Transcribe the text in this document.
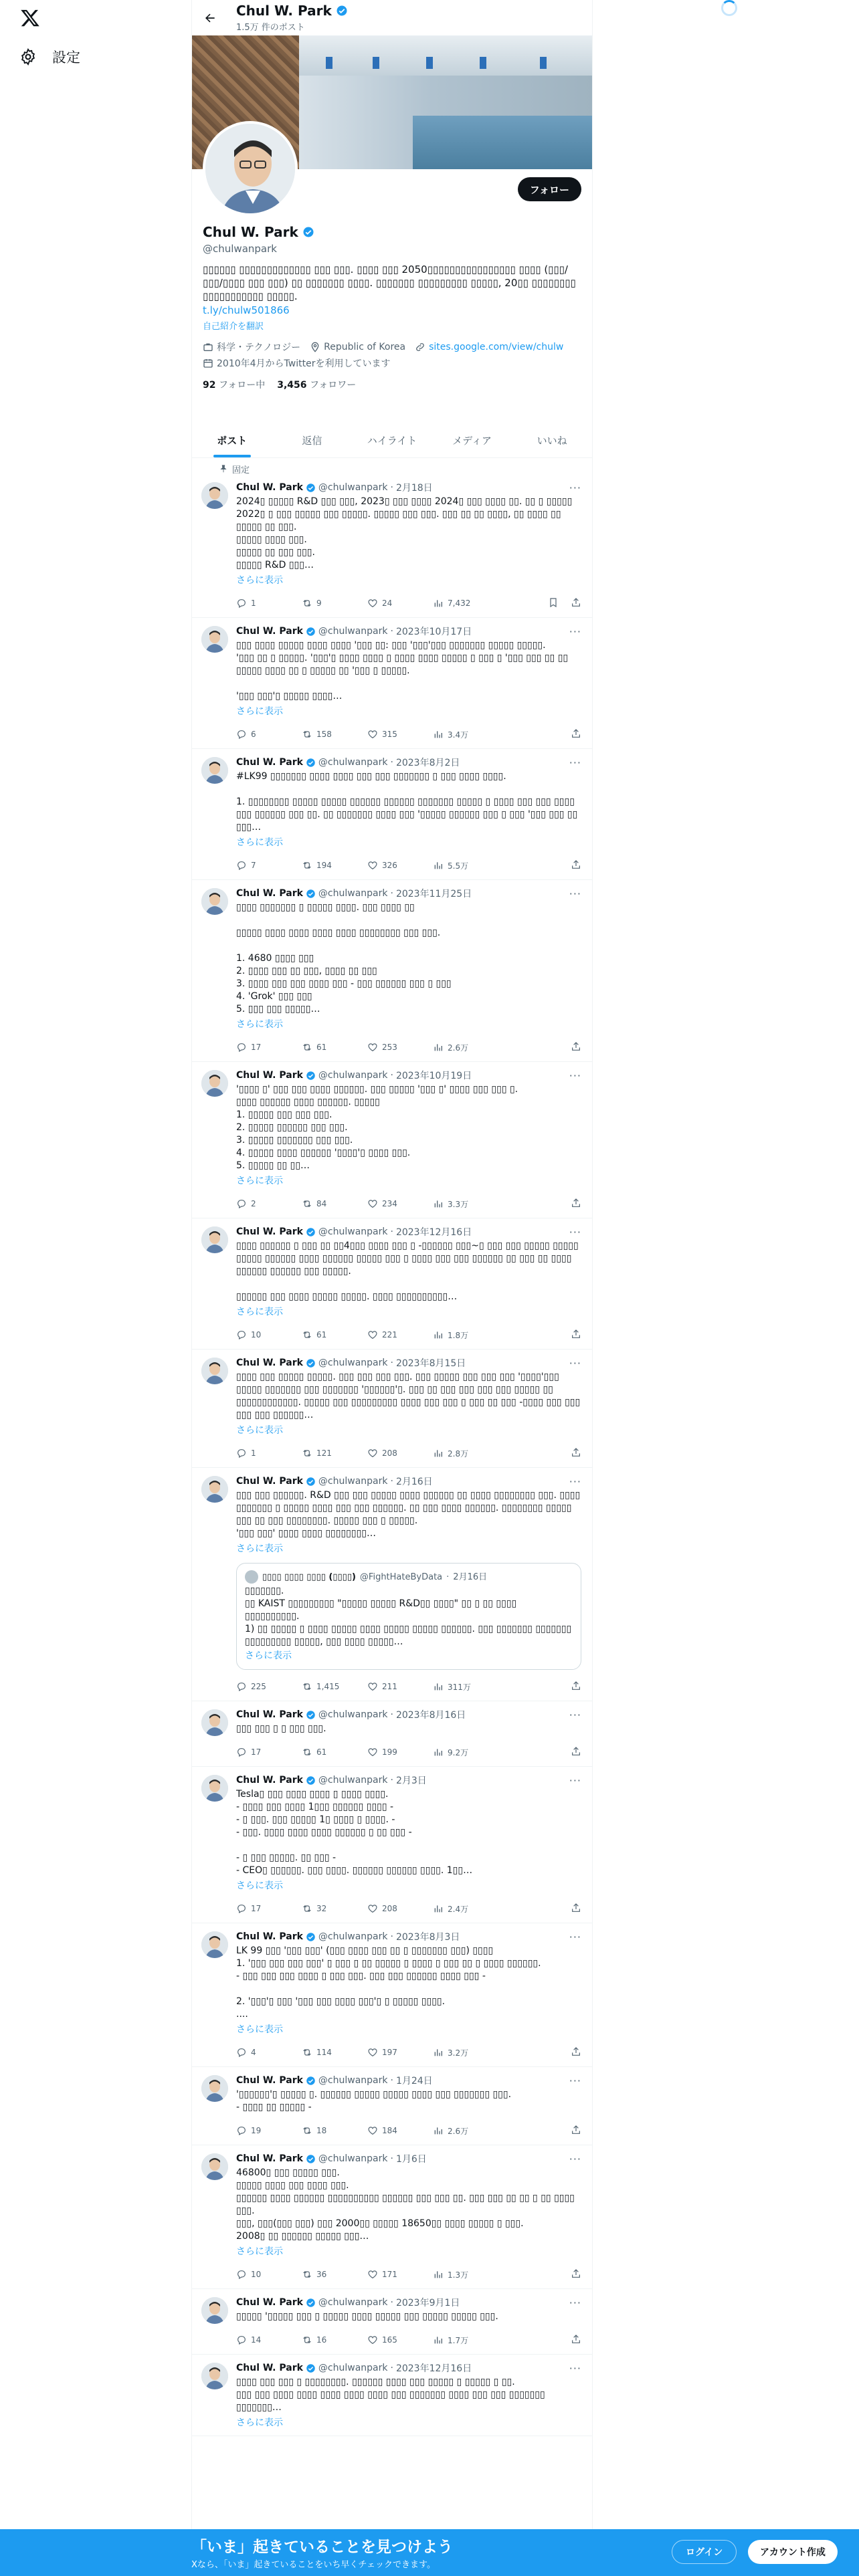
設定
Chul W. Park
1.5万 件のポスト
フォロー
Chul W. Park
@chulwanpark
▯▯▯▯▯▯ ▯▯▯▯▯▯▯▯▯▯▯▯▯ ▯▯▯ ▯▯▯. ▯▯▯▯ ▯▯▯ 2050▯▯▯▯▯▯▯▯▯▯▯▯▯▯▯▯ ▯▯▯▯ (▯▯▯/▯▯▯/▯▯▯▯ ▯▯▯ ▯▯▯) ▯▯ ▯▯▯▯▯▯▯ ▯▯▯▯. ▯▯▯▯▯▯▯ ▯▯▯▯▯▯▯▯▯ ▯▯▯▯▯, 20▯▯ ▯▯▯▯▯▯▯▯ ▯▯▯▯▯▯▯▯▯▯▯ ▯▯▯▯▯.
t.ly/chulw501866
自己紹介を翻訳
科学・テクノロジー	Republic of Korea	sites.google.com/view/chulw
2010年4月からTwitterを利用しています
92 フォロー中 3,456 フォロワー
ポスト	返信	ハイライト	メディア	いいね
固定
Chul W. Park @chulwanpark · 2月18日	···
2024▯ ▯▯▯▯▯ R&D ▯▯▯ ▯▯▯, 2023▯ ▯▯▯ ▯▯▯▯ 2024▯ ▯▯▯ ▯▯▯▯ ▯▯. ▯▯ ▯ ▯▯▯▯▯ 2022▯ ▯ ▯▯▯ ▯▯▯▯▯ ▯▯▯ ▯▯▯▯▯. ▯▯▯▯▯ ▯▯▯ ▯▯▯. ▯▯▯ ▯▯ ▯▯ ▯▯▯▯, ▯▯ ▯▯▯▯ ▯▯ ▯▯▯▯▯ ▯▯ ▯▯▯.
▯▯▯▯▯ ▯▯▯▯ ▯▯▯.
▯▯▯▯▯ ▯▯ ▯▯▯ ▯▯▯.
▯▯▯▯▯ R&D ▯▯▯…
さらに表示
1	9	24	7,432
Chul W. Park @chulwanpark · 2023年10月17日	···
▯▯▯ ▯▯▯▯ ▯▯▯▯▯ ▯▯▯▯ ▯▯▯▯ '▯▯▯ ▯▯: ▯▯▯ '▯▯▯'▯▯▯ ▯▯▯▯▯▯▯ ▯▯▯▯▯ ▯▯▯▯▯.
'▯▯▯ ▯▯ ▯ ▯▯▯▯▯. '▯▯▯'▯ ▯▯▯▯ ▯▯▯▯ ▯ ▯▯▯▯ ▯▯▯▯ ▯▯▯▯▯ ▯ ▯▯▯ ▯ '▯▯▯ ▯▯▯ ▯▯ ▯▯ ▯▯▯▯▯ ▯▯▯▯ ▯▯ ▯ ▯▯▯▯▯ ▯▯ '▯▯▯ ▯ ▯▯▯▯▯.

'▯▯▯ ▯▯▯'▯ ▯▯▯▯▯ ▯▯▯▯…
さらに表示
6	158	315	3.4万
Chul W. Park @chulwanpark · 2023年8月2日	···
#LK99 ▯▯▯▯▯▯▯ ▯▯▯▯ ▯▯▯▯ ▯▯▯ ▯▯▯ ▯▯▯▯▯▯▯ ▯ ▯▯▯ ▯▯▯▯ ▯▯▯▯.

1. ▯▯▯▯▯▯▯▯ ▯▯▯▯▯ ▯▯▯▯▯ ▯▯▯▯▯▯ ▯▯▯▯▯▯ ▯▯▯▯▯▯▯ ▯▯▯▯▯ ▯ ▯▯▯▯ ▯▯▯ ▯▯▯ ▯▯▯▯ ▯▯▯ ▯▯▯▯▯▯ ▯▯▯ ▯▯. ▯▯ ▯▯▯▯▯▯▯ ▯▯▯▯ ▯▯▯ '▯▯▯▯▯ ▯▯▯▯▯▯ ▯▯▯ ▯ ▯▯▯ '▯▯▯ ▯▯▯ ▯▯ ▯▯▯…
さらに表示
7	194	326	5.5万
Chul W. Park @chulwanpark · 2023年11月25日	···
▯▯▯▯ ▯▯▯▯▯▯▯ ▯ ▯▯▯▯▯ ▯▯▯▯. ▯▯▯ ▯▯▯▯ ▯▯

▯▯▯▯▯ ▯▯▯▯ ▯▯▯▯ ▯▯▯▯ ▯▯▯▯ ▯▯▯▯▯▯▯▯ ▯▯▯ ▯▯▯.

1. 4680 ▯▯▯▯ ▯▯▯
2. ▯▯▯▯ ▯▯▯ ▯▯ ▯▯▯, ▯▯▯▯ ▯▯ ▯▯▯
3. ▯▯▯▯ ▯▯▯ ▯▯▯ ▯▯▯▯ ▯▯▯ - ▯▯▯ ▯▯▯▯▯▯ ▯▯▯ ▯ ▯▯▯
4. 'Grok' ▯▯▯ ▯▯▯
5. ▯▯▯ ▯▯▯ ▯▯▯▯▯…
さらに表示
17	61	253	2.6万
Chul W. Park @chulwanpark · 2023年10月19日	···
'▯▯▯▯ ▯' ▯▯▯ ▯▯▯ ▯▯▯▯ ▯▯▯▯▯▯. ▯▯▯ ▯▯▯▯▯ '▯▯▯ ▯' ▯▯▯▯ ▯▯▯ ▯▯▯ ▯.
▯▯▯▯ ▯▯▯▯▯▯ ▯▯▯▯ ▯▯▯▯▯▯. ▯▯▯▯▯
1. ▯▯▯▯▯ ▯▯▯ ▯▯▯ ▯▯▯.
2. ▯▯▯▯▯ ▯▯▯▯▯▯ ▯▯▯ ▯▯▯.
3. ▯▯▯▯▯ ▯▯▯▯▯▯▯ ▯▯▯ ▯▯▯.
4. ▯▯▯▯▯ ▯▯▯▯ ▯▯▯▯▯▯ '▯▯▯▯'▯ ▯▯▯▯ ▯▯▯.
5. ▯▯▯▯▯ ▯▯ ▯▯…
さらに表示
2	84	234	3.3万
Chul W. Park @chulwanpark · 2023年12月16日	···
▯▯▯▯ ▯▯▯▯▯▯ ▯ ▯▯▯ ▯▯ ▯▯4▯▯▯ ▯▯▯▯ ▯▯▯ ▯ -▯▯▯▯▯▯ ▯▯▯~▯ ▯▯▯ ▯▯▯ ▯▯▯▯▯ ▯▯▯▯▯ ▯▯▯▯▯ ▯▯▯▯▯▯ ▯▯▯▯ ▯▯▯▯▯▯ ▯▯▯▯▯ ▯▯▯ ▯ ▯▯▯▯ ▯▯▯ ▯▯▯ ▯▯▯▯▯▯ ▯▯ ▯▯▯ ▯▯ ▯▯▯▯ ▯▯▯▯▯▯ ▯▯▯▯▯▯ ▯▯▯ ▯▯▯▯▯.

▯▯▯▯▯▯ ▯▯▯ ▯▯▯▯ ▯▯▯▯▯ ▯▯▯▯▯. ▯▯▯▯ ▯▯▯▯▯▯▯▯▯▯…
さらに表示
10	61	221	1.8万
Chul W. Park @chulwanpark · 2023年8月15日	···
▯▯▯▯ ▯▯▯ ▯▯▯▯▯ ▯▯▯▯▯. ▯▯▯ ▯▯▯ ▯▯▯ ▯▯▯. ▯▯▯ ▯▯▯▯▯ ▯▯▯ ▯▯▯ ▯▯▯ '▯▯▯▯'▯▯▯ ▯▯▯▯▯ ▯▯▯▯▯▯▯ ▯▯▯ ▯▯▯▯▯▯▯ '▯▯▯▯▯▯'▯. ▯▯▯ ▯▯ ▯▯▯ ▯▯▯ ▯▯▯ ▯▯▯ ▯▯▯▯▯ ▯▯ ▯▯▯▯▯▯▯▯▯▯▯▯. ▯▯▯▯▯ ▯▯▯ ▯▯▯▯▯▯▯▯▯ ▯▯▯▯ ▯▯▯ ▯▯▯ ▯ ▯▯▯ ▯▯ ▯▯▯ -▯▯▯▯ ▯▯▯ ▯▯▯ ▯▯▯ ▯▯▯ ▯▯▯▯▯▯…
さらに表示
1	121	208	2.8万
Chul W. Park @chulwanpark · 2月16日	···
▯▯▯ ▯▯▯ ▯▯▯▯▯▯. R&D ▯▯▯ ▯▯▯ ▯▯▯▯▯ ▯▯▯▯ ▯▯▯▯▯▯ ▯▯ ▯▯▯▯ ▯▯▯▯▯▯▯▯ ▯▯▯. ▯▯▯▯ ▯▯▯▯▯▯▯ ▯ ▯▯▯▯▯ ▯▯▯▯ ▯▯▯ ▯▯▯ ▯▯▯▯▯▯. ▯▯ ▯▯▯ ▯▯▯▯ ▯▯▯▯▯▯. ▯▯▯▯▯▯▯▯ ▯▯▯▯▯ ▯▯▯ ▯▯ ▯▯▯ ▯▯▯▯▯▯▯▯. ▯▯▯▯▯ ▯▯▯ ▯ ▯▯▯▯▯.
'▯▯▯ ▯▯▯' ▯▯▯▯ ▯▯▯▯ ▯▯▯▯▯▯▯▯…
さらに表示
▯▯▯▯ ▯▯▯▯ ▯▯▯▯ (▯▯▯▯) @FightHateByData · 2月16日
▯▯▯▯▯▯▯.
▯▯ KAIST ▯▯▯▯▯▯▯▯▯ "▯▯▯▯▯ ▯▯▯▯▯ R&D▯▯ ▯▯▯▯" ▯▯ ▯ ▯▯ ▯▯▯▯ ▯▯▯▯▯▯▯▯▯▯.
1) ▯▯ ▯▯▯▯▯ ▯ ▯▯▯▯ ▯▯▯▯▯ ▯▯▯▯ ▯▯▯▯▯ ▯▯▯▯▯ ▯▯▯▯▯▯. ▯▯▯ ▯▯▯▯▯▯▯ ▯▯▯▯▯▯▯ ▯▯▯▯▯▯▯▯▯ ▯▯▯▯▯, ▯▯▯ ▯▯▯▯ ▯▯▯▯▯…
さらに表示
225	1,415	211	311万
Chul W. Park @chulwanpark · 2023年8月16日	···
▯▯▯ ▯▯▯ ▯ ▯ ▯▯▯ ▯▯▯.
17	61	199	9.2万
Chul W. Park @chulwanpark · 2月3日	···
Tesla▯ ▯▯▯ ▯▯▯▯ ▯▯▯▯ ▯ ▯▯▯▯ ▯▯▯▯.
- ▯▯▯▯ ▯▯▯ ▯▯▯▯ 1▯▯▯ ▯▯▯▯▯▯ ▯▯▯▯ -
- ▯ ▯▯▯. ▯▯▯ ▯▯▯▯▯ 1▯ ▯▯▯▯ ▯ ▯▯▯▯. -
- ▯▯▯. ▯▯▯▯ ▯▯▯▯ ▯▯▯▯ ▯▯▯▯▯▯ ▯ ▯▯ ▯▯▯ -

- ▯ ▯▯▯ ▯▯▯▯▯. ▯▯ ▯▯▯ -
- CEO▯ ▯▯▯▯▯▯. ▯▯▯ ▯▯▯▯. ▯▯▯▯▯▯ ▯▯▯▯▯▯ ▯▯▯▯. 1▯▯…
さらに表示
17	32	208	2.4万
Chul W. Park @chulwanpark · 2023年8月3日	···
LK 99 ▯▯▯ '▯▯▯ ▯▯▯' (▯▯▯ ▯▯▯▯ ▯▯▯ ▯▯ ▯ ▯▯▯▯▯▯▯ ▯▯▯) ▯▯▯▯
1. '▯▯▯ ▯▯▯ ▯▯▯ ▯▯▯' ▯ ▯▯▯ ▯ ▯▯ ▯▯▯▯▯ ▯ ▯▯▯▯ ▯ ▯▯▯ ▯▯ ▯ ▯▯▯▯ ▯▯▯▯▯▯.
- ▯▯▯ ▯▯▯ ▯▯▯ ▯▯▯▯ ▯ ▯▯▯ ▯▯▯. ▯▯▯ ▯▯▯ ▯▯▯▯▯▯ ▯▯▯▯ ▯▯▯ -

2. '▯▯▯'▯ ▯▯▯ '▯▯▯ ▯▯▯ ▯▯▯▯ ▯▯▯'▯ ▯ ▯▯▯▯▯ ▯▯▯▯.
....
さらに表示
4	114	197	3.2万
Chul W. Park @chulwanpark · 1月24日	···
'▯▯▯▯▯▯'▯ ▯▯▯▯▯ ▯. ▯▯▯▯▯▯ ▯▯▯▯▯ ▯▯▯▯▯ ▯▯▯▯ ▯▯▯ ▯▯▯▯▯▯▯ ▯▯▯.
- ▯▯▯▯ ▯▯ ▯▯▯▯▯ -
19	18	184	2.6万
Chul W. Park @chulwanpark · 1月6日	···
46800▯ ▯▯▯ ▯▯▯▯▯ ▯▯▯.
▯▯▯▯▯ ▯▯▯▯ ▯▯▯ ▯▯▯▯ ▯▯▯.
▯▯▯▯▯▯ ▯▯▯▯ ▯▯▯▯▯▯ ▯▯▯▯▯▯▯▯▯▯ ▯▯▯▯▯▯ ▯▯▯ ▯▯▯ ▯▯. ▯▯▯ ▯▯▯ ▯▯ ▯▯ ▯ ▯▯ ▯▯▯▯ ▯▯▯.
▯▯▯, ▯▯▯(▯▯▯ ▯▯▯) ▯▯▯ 2000▯▯ ▯▯▯▯▯ 18650▯▯ ▯▯▯▯ ▯▯▯▯▯ ▯ ▯▯▯.
2008▯ ▯▯ ▯▯▯▯▯▯ ▯▯▯▯▯ ▯▯▯…
さらに表示
10	36	171	1.3万
Chul W. Park @chulwanpark · 2023年9月1日	···
▯▯▯▯▯ '▯▯▯▯▯ ▯▯▯ ▯ ▯▯▯▯▯ ▯▯▯▯ ▯▯▯▯▯ ▯▯▯ ▯▯▯▯▯ ▯▯▯▯▯ ▯▯▯.
14	16	165	1.7万
Chul W. Park @chulwanpark · 2023年12月16日	···
▯▯▯▯ ▯▯▯ ▯▯▯ ▯ ▯▯▯▯▯▯▯▯. ▯▯▯▯▯▯ ▯▯▯▯ ▯▯▯ ▯▯▯▯▯ ▯ ▯▯▯▯▯ ▯ ▯▯.
▯▯▯ ▯▯▯ ▯▯▯▯ ▯▯▯▯ ▯▯▯▯ ▯▯▯▯ ▯▯▯▯ ▯▯▯ ▯▯▯▯▯▯▯ ▯▯▯▯ ▯▯▯ ▯▯▯ ▯▯▯▯▯▯▯ ▯▯▯▯▯▯▯…
さらに表示
「いま」起きていることを見つけよう
Xなら、「いま」起きていることをいち早くチェックできます。
ログイン	アカウント作成
